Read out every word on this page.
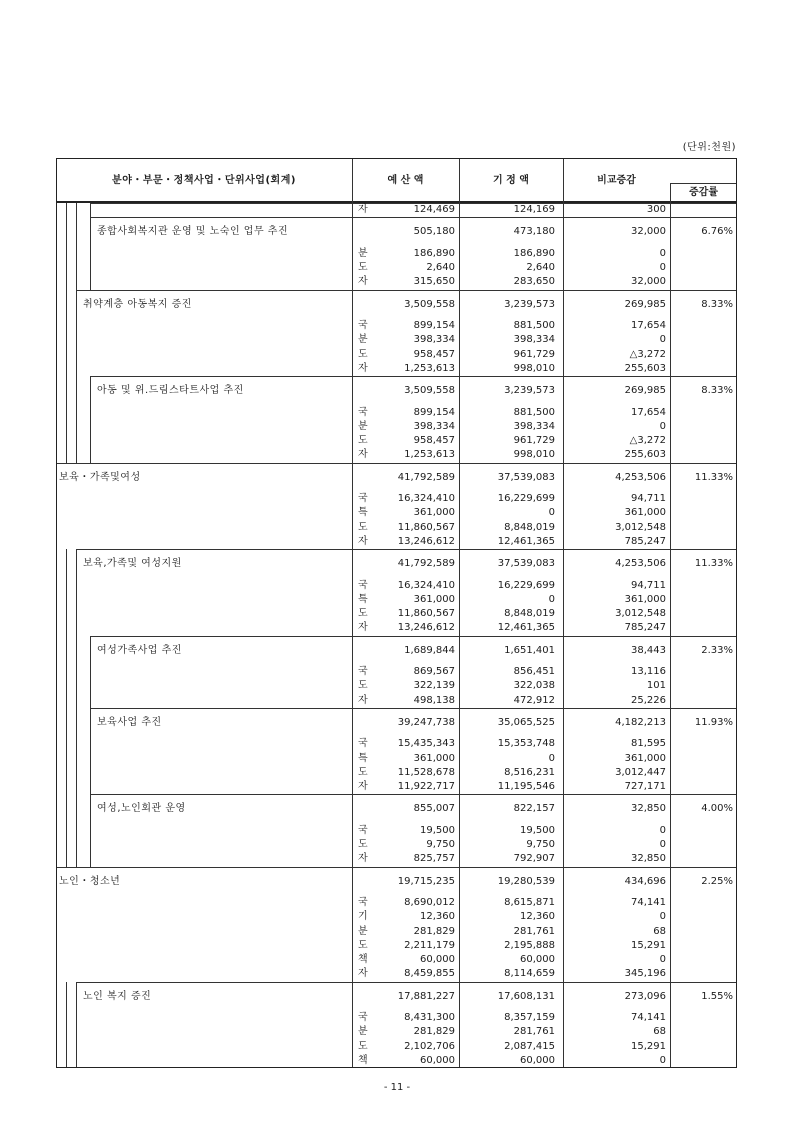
(단위:천원)
분야・부문・정책사업・단위사업(회계)	예 산 액	기 정 액	비교증감
증감률
자	124,469	124,169	300
종합사회복지관 운영 및 노숙인 업무 추진	505,180	473,180	32,000	6.76%
분	186,890	186,890	0
도	2,640	2,640	0
자	315,650	283,650	32,000
취약계층 아동복지 증진	3,509,558	3,239,573	269,985	8.33%
국	899,154	881,500	17,654
분	398,334	398,334	0
도	958,457	961,729	△3,272
자	1,253,613	998,010	255,603
아동 및 위.드림스타트사업 추진	3,509,558	3,239,573	269,985	8.33%
국	899,154	881,500	17,654
분	398,334	398,334	0
도	958,457	961,729	△3,272
자	1,253,613	998,010	255,603
보육・가족및여성	41,792,589	37,539,083	4,253,506	11.33%
국	16,324,410	16,229,699	94,711
특	361,000	0	361,000
도	11,860,567	8,848,019	3,012,548
자	13,246,612	12,461,365	785,247
보육,가족및 여성지원	41,792,589	37,539,083	4,253,506	11.33%
국	16,324,410	16,229,699	94,711
특	361,000	0	361,000
도	11,860,567	8,848,019	3,012,548
자	13,246,612	12,461,365	785,247
여성가족사업 추진	1,689,844	1,651,401	38,443	2.33%
국	869,567	856,451	13,116
도	322,139	322,038	101
자	498,138	472,912	25,226
보육사업 추진	39,247,738	35,065,525	4,182,213	11.93%
국	15,435,343	15,353,748	81,595
특	361,000	0	361,000
도	11,528,678	8,516,231	3,012,447
자	11,922,717	11,195,546	727,171
여성,노인회관 운영	855,007	822,157	32,850	4.00%
국	19,500	19,500	0
도	9,750	9,750	0
자	825,757	792,907	32,850
노인・청소년	19,715,235	19,280,539	434,696	2.25%
국	8,690,012	8,615,871	74,141
기	12,360	12,360	0
분	281,829	281,761	68
도	2,211,179	2,195,888	15,291
책	60,000	60,000	0
자	8,459,855	8,114,659	345,196
노인 복지 증진	17,881,227	17,608,131	273,096	1.55%
국	8,431,300	8,357,159	74,141
분	281,829	281,761	68
도	2,102,706	2,087,415	15,291
책	60,000	60,000	0
- 11 -
